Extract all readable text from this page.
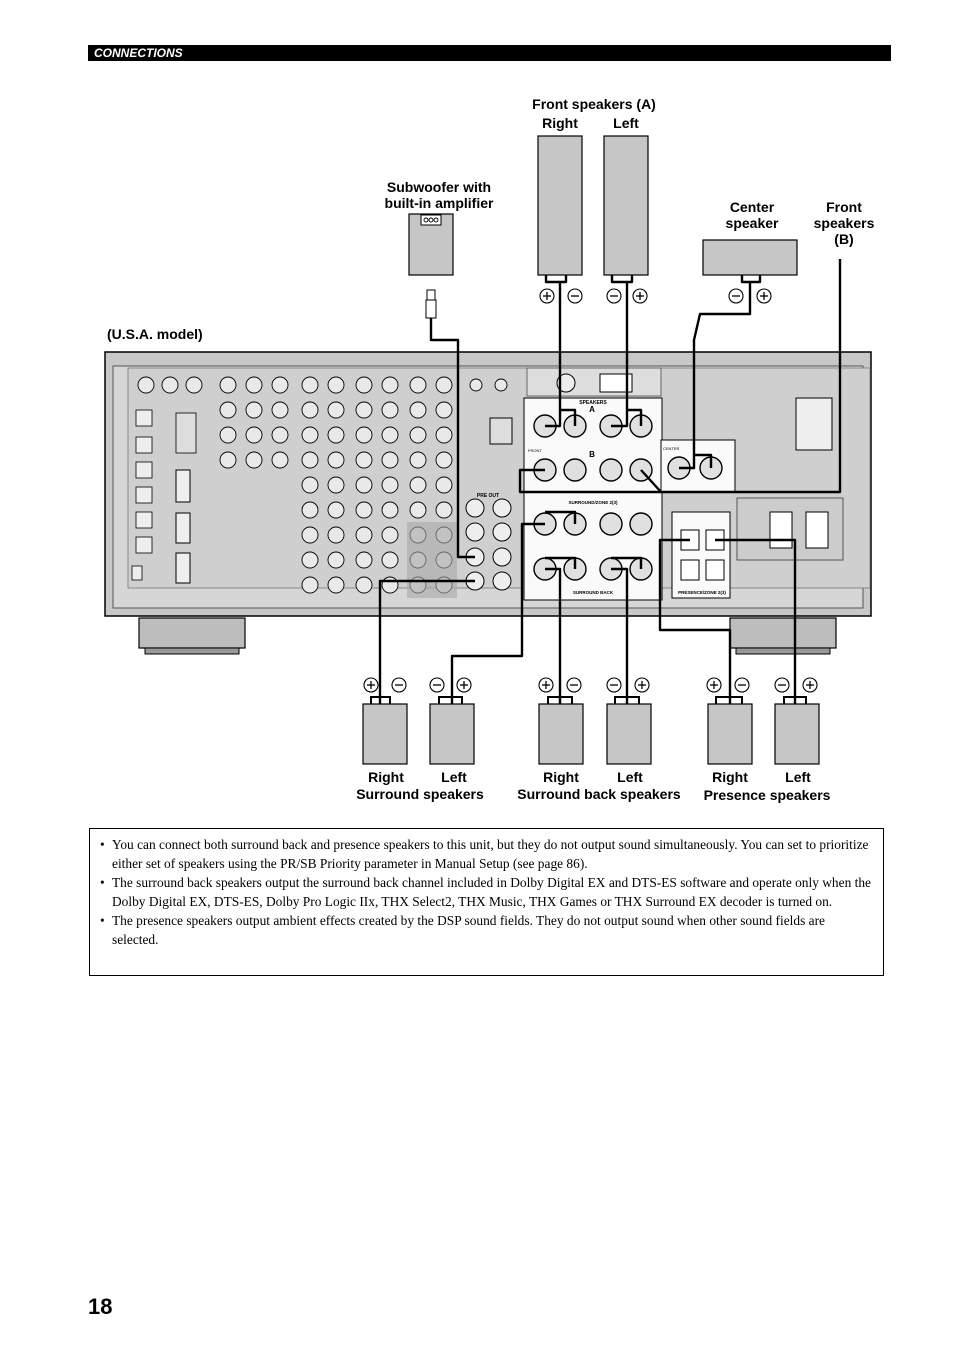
CONNECTIONS
SPEAKERS
A
B
FRONT	CENTER
PRE OUT
SURROUND/ZONE 2(3)
SURROUND BACK	PRESENCE/ZONE 2(3)
Front speakers (A)
Right	Left
Subwoofer with
built-in amplifier	Center
speaker
Front
speakers
(B)
(U.S.A. model)
Right	Left
Surround speakers
Right	Left
Surround back speakers
Right	Left
Presence speakers
• You can connect both surround back and presence speakers to this unit, but they do not output sound simultaneously. You can set to prioritize either set of speakers using the PR/SB Priority parameter in Manual Setup (see page 86).
• The surround back speakers output the surround back channel included in Dolby Digital EX and DTS-ES software and operate only when the Dolby Digital EX, DTS-ES, Dolby Pro Logic IIx, THX Select2, THX Music, THX Games or THX Surround EX decoder is turned on.
• The presence speakers output ambient effects created by the DSP sound fields. They do not output sound when other sound fields are selected.
18
